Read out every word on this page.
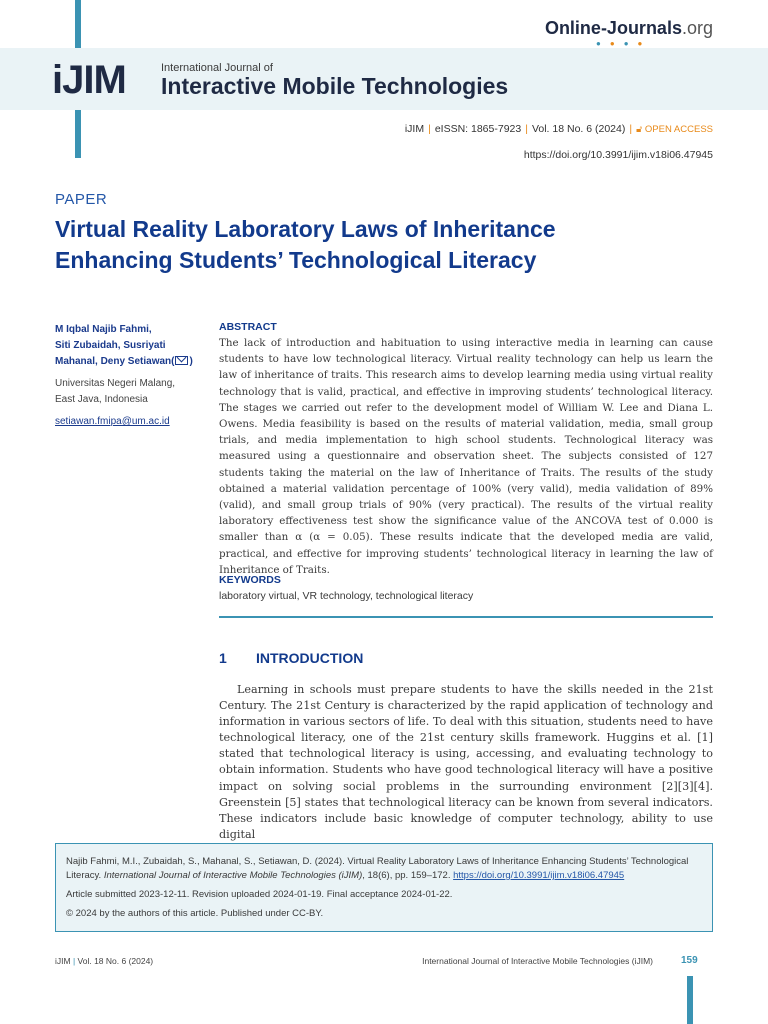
Online-Journals.org
●●●●
iJIM	International Journal of
Interactive Mobile Technologies
iJIM | eISSN: 1865-7923 | Vol. 18 No. 6 (2024) | 🔓︎ OPEN ACCESS
https://doi.org/10.3991/ijim.v18i06.47945
PAPER
Virtual Reality Laboratory Laws of Inheritance Enhancing Students’ Technological Literacy
M Iqbal Najib Fahmi,
Siti Zubaidah, Susriyati
Mahanal, Deny Setiawan( )
Universitas Negeri Malang,
East Java, Indonesia
setiawan.fmipa@um.ac.id
ABSTRACT
The lack of introduction and habituation to using interactive media in learning can cause students to have low technological literacy. Virtual reality technology can help us learn the law of inheritance of traits. This research aims to develop learning media using virtual reality technology that is valid, practical, and effective in improving students’ technological literacy. The stages we carried out refer to the development model of William W. Lee and Diana L. Owens. Media feasibility is based on the results of material validation, media, small group trials, and media implementation to high school students. Technological literacy was measured using a questionnaire and observation sheet. The subjects consisted of 127 students taking the material on the law of Inheritance of Traits. The results of the study obtained a material validation percentage of 100% (very valid), media validation of 89% (valid), and small group trials of 90% (very practical). The results of the virtual reality laboratory effectiveness test show the significance value of the ANCOVA test of 0.000 is smaller than α (α = 0.05). These results indicate that the developed media are valid, practical, and effective for improving students’ technological literacy in learning the law of Inheritance of Traits.
KEYWORDS
laboratory virtual, VR technology, technological literacy
1 INTRODUCTION
Learning in schools must prepare students to have the skills needed in the 21st Century. The 21st Century is characterized by the rapid application of technology and information in various sectors of life. To deal with this situation, students need to have technological literacy, one of the 21st century skills framework. Huggins et al. [1] stated that technological literacy is using, accessing, and evaluating technology to obtain information. Students who have good technological literacy will have a positive impact on solving social problems in the surrounding environment [2][3][4]. Greenstein [5] states that technological literacy can be known from several indicators. These indicators include basic knowledge of computer technology, ability to use digital

Najib Fahmi, M.I., Zubaidah, S., Mahanal, S., Setiawan, D. (2024). Virtual Reality Laboratory Laws of Inheritance Enhancing Students’ Technological Literacy. International Journal of Interactive Mobile Technologies (iJIM), 18(6), pp. 159–172. https://doi.org/10.3991/ijim.v18i06.47945

Article submitted 2023-12-11. Revision uploaded 2024-01-19. Final acceptance 2024-01-22.

© 2024 by the authors of this article. Published under CC-BY.

iJIM | Vol. 18 No. 6 (2024)	International Journal of Interactive Mobile Technologies (iJIM)	159
